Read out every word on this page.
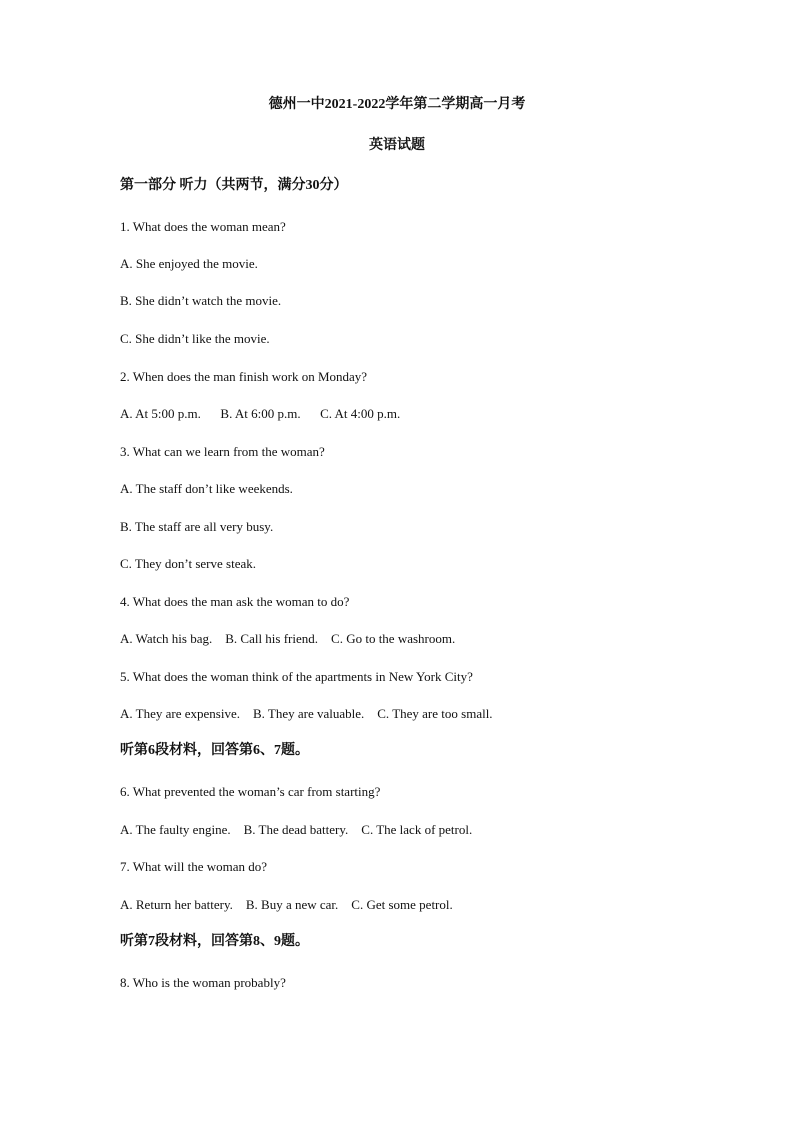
德州一中2021-2022学年第二学期高一月考
英语试题
第一部分 听力（共两节，满分30分）
1. What does the woman mean?
A. She enjoyed the movie.
B. She didn’t watch the movie.
C. She didn’t like the movie.
2. When does the man finish work on Monday?
A. At 5:00 p.m.      B. At 6:00 p.m.      C. At 4:00 p.m.
3. What can we learn from the woman?
A. The staff don’t like weekends.
B. The staff are all very busy.
C. They don’t serve steak.
4. What does the man ask the woman to do?
A. Watch his bag.    B. Call his friend.    C. Go to the washroom.
5. What does the woman think of the apartments in New York City?
A. They are expensive.    B. They are valuable.    C. They are too small.
听第6段材料，回答第6、7题。
6. What prevented the woman’s car from starting?
A. The faulty engine.    B. The dead battery.    C. The lack of petrol.
7. What will the woman do?
A. Return her battery.    B. Buy a new car.    C. Get some petrol.
听第7段材料，回答第8、9题。
8. Who is the woman probably?
